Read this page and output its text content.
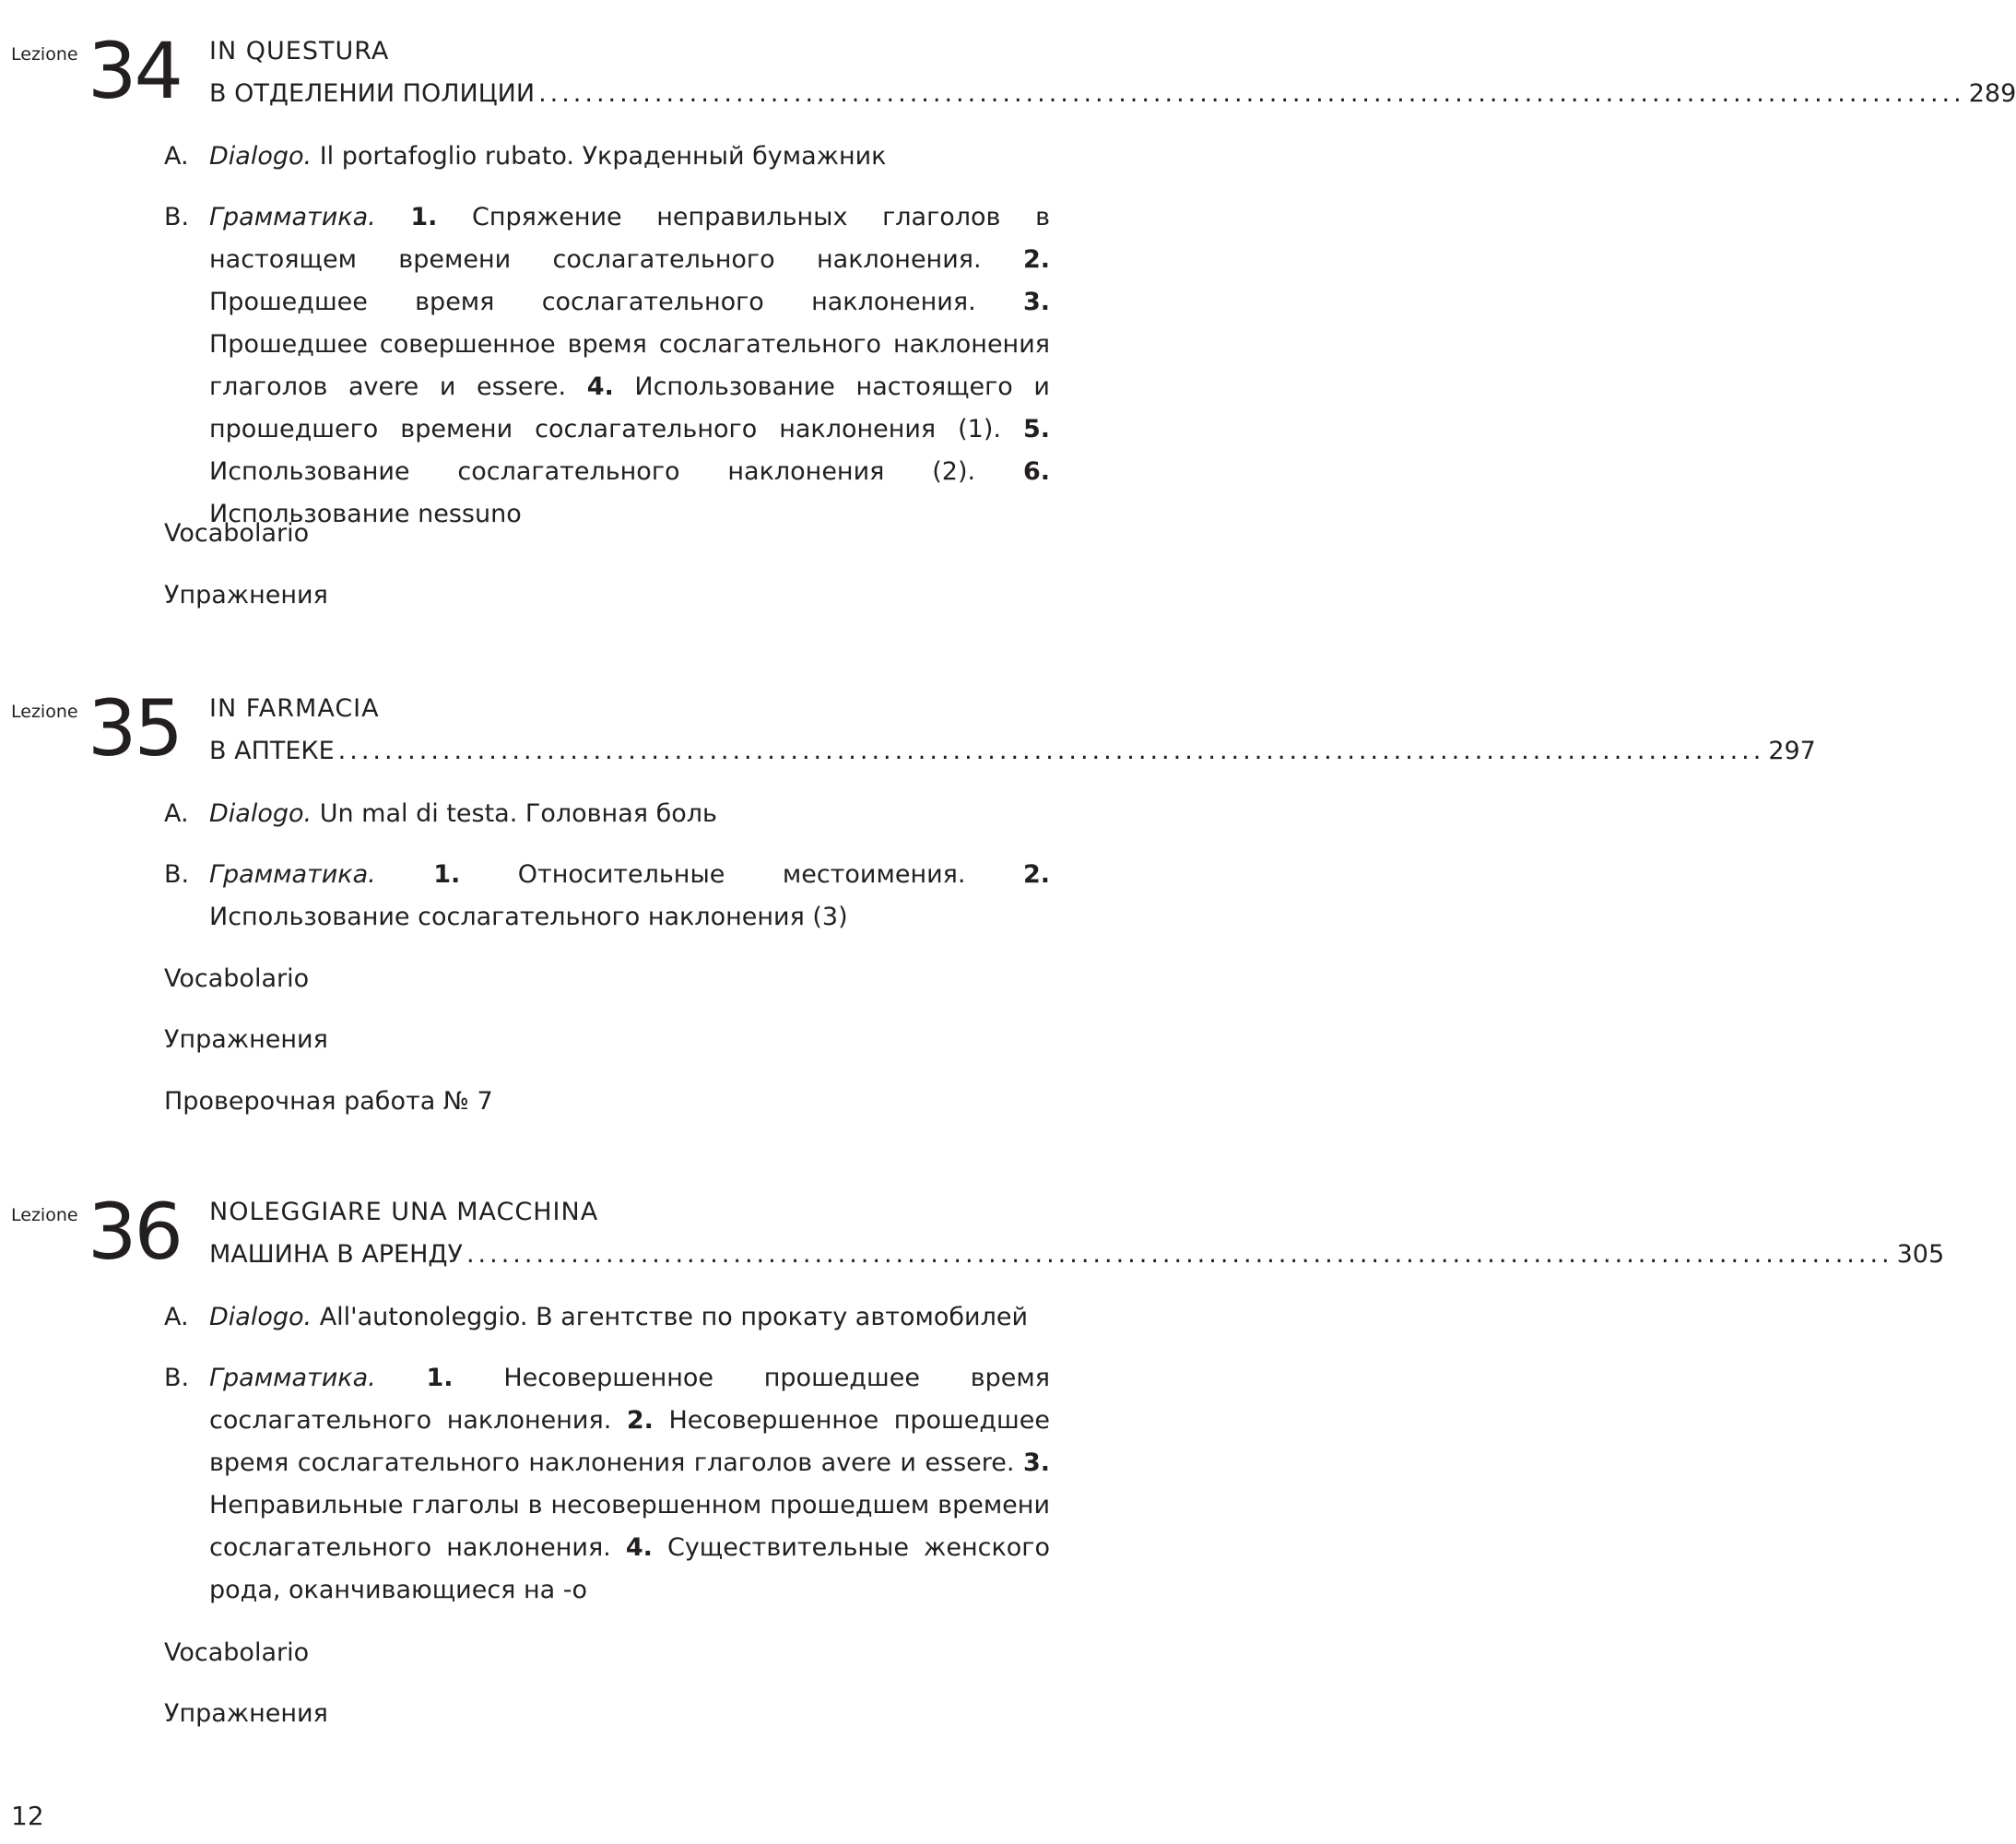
Lezione 34 IN QUESTURA
В ОТДЕЛЕНИИ ПОЛИЦИИ ........................................................................................................................... 289
A. Dialogo. Il portafoglio rubato. Украденный бумажник
B. Грамматика. 1. Спряжение неправильных глаголов в настоящем времени сослагательного наклонения. 2. Прошедшее время сослагательного наклонения. 3. Прошедшее совершенное время сослагательного наклонения глаголов avere и essere. 4. Использование настоящего и прошедшего времени сослагательного наклонения (1). 5. Использование сослагательного наклонения (2). 6. Использование nessuno
Vocabolario
Упражнения
Lezione 35 IN FARMACIA
В АПТЕКЕ ........................................................................................................................... 297
A. Dialogo. Un mal di testa. Головная боль
B. Грамматика. 1. Относительные местоимения. 2. Использование сослагательного наклонения (3)
Vocabolario
Упражнения
Проверочная работа № 7
Lezione 36 NOLEGGIARE UNA MACCHINA
МАШИНА В АРЕНДУ ........................................................................................................................... 305
A. Dialogo. All'autonoleggio. В агентстве по прокату автомобилей
B. Грамматика. 1. Несовершенное прошедшее время сослагательного наклонения. 2. Несовершенное прошедшее время сослагательного наклонения глаголов avere и essere. 3. Неправильные глаголы в несовершенном прошедшем времени сослагательного наклонения. 4. Существительные женского рода, оканчивающиеся на -о
Vocabolario
Упражнения
12
